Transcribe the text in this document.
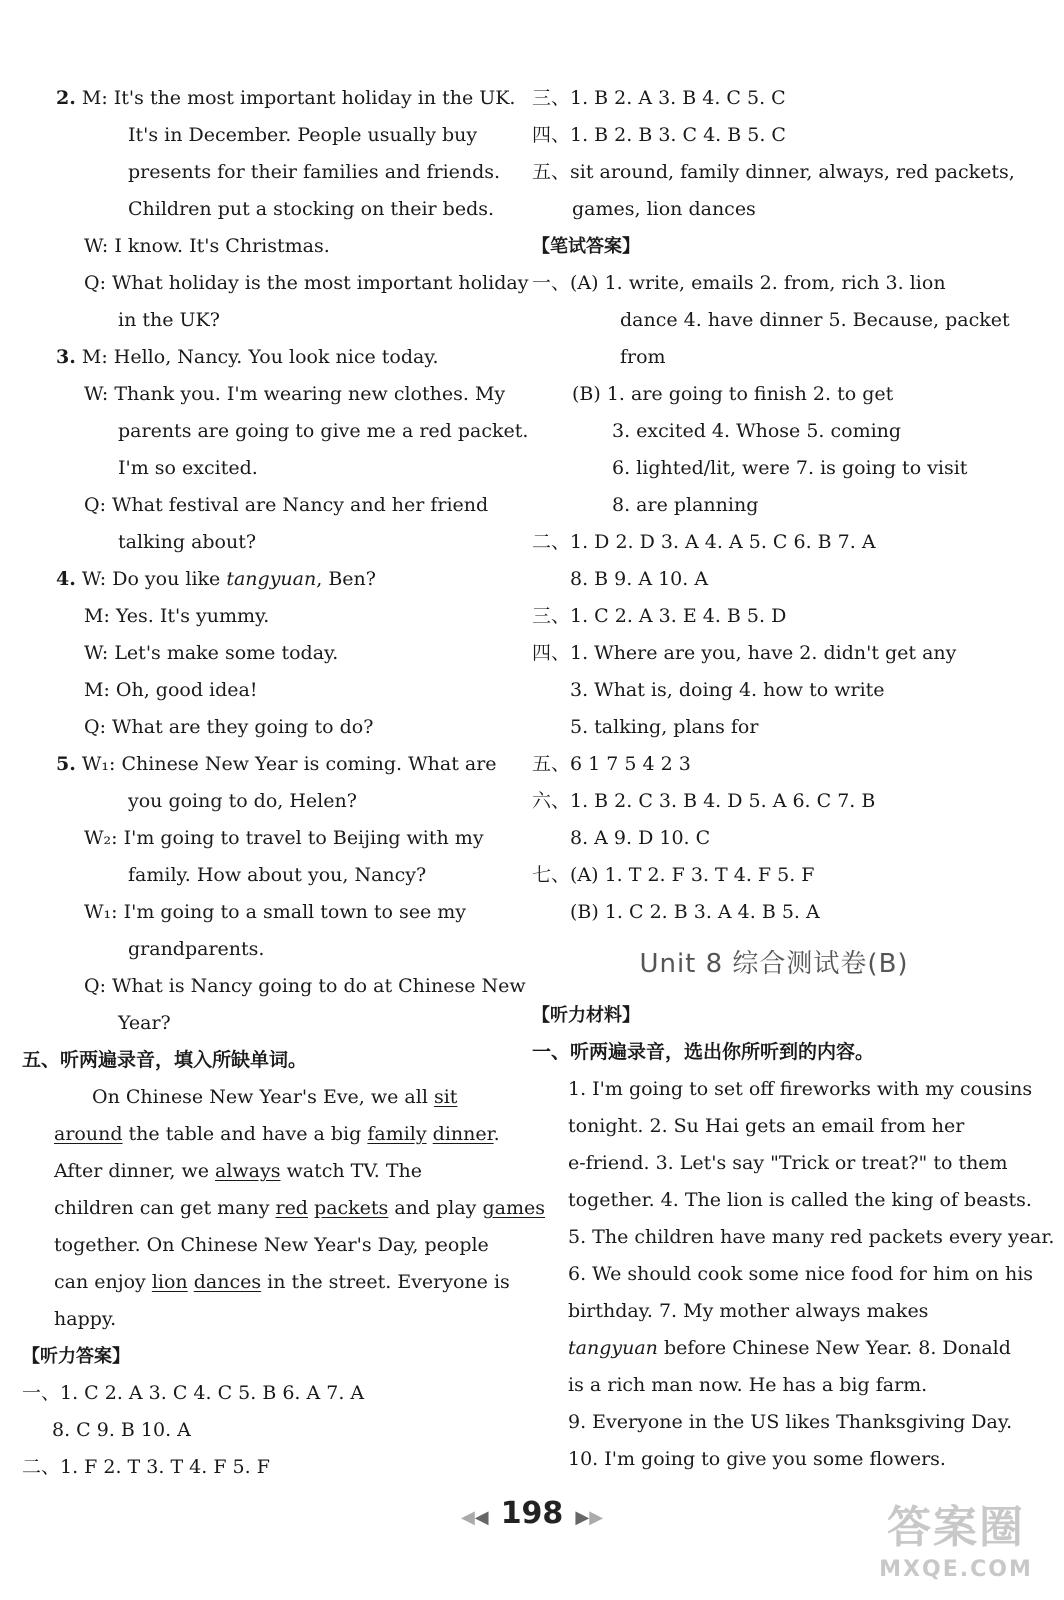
2. M: It's the most important holiday in the UK.
It's in December. People usually buy
presents for their families and friends.
Children put a stocking on their beds.
W: I know. It's Christmas.
Q: What holiday is the most important holiday
in the UK?
3. M: Hello, Nancy. You look nice today.
W: Thank you. I'm wearing new clothes. My
parents are going to give me a red packet.
I'm so excited.
Q: What festival are Nancy and her friend
talking about?
4. W: Do you like tangyuan, Ben?
M: Yes. It's yummy.
W: Let's make some today.
M: Oh, good idea!
Q: What are they going to do?
5. W₁: Chinese New Year is coming. What are
you going to do, Helen?
W₂: I'm going to travel to Beijing with my
family. How about you, Nancy?
W₁: I'm going to a small town to see my
grandparents.
Q: What is Nancy going to do at Chinese New
Year?
五、听两遍录音，填入所缺单词。
On Chinese New Year's Eve, we all sit
around the table and have a big family dinner.
After dinner, we always watch TV. The
children can get many red packets and play games
together. On Chinese New Year's Day, people
can enjoy lion dances in the street. Everyone is
happy.
【听力答案】
一、1. C 2. A 3. C 4. C 5. B 6. A 7. A
8. C 9. B 10. A
二、1. F 2. T 3. T 4. F 5. F
三、1. B 2. A 3. B 4. C 5. C
四、1. B 2. B 3. C 4. B 5. C
五、sit around, family dinner, always, red packets,
games, lion dances
【笔试答案】
一、(A) 1. write, emails 2. from, rich 3. lion
dance 4. have dinner 5. Because, packet
from
(B) 1. are going to finish 2. to get
3. excited 4. Whose 5. coming
6. lighted/lit, were 7. is going to visit
8. are planning
二、1. D 2. D 3. A 4. A 5. C 6. B 7. A
8. B 9. A 10. A
三、1. C 2. A 3. E 4. B 5. D
四、1. Where are you, have 2. didn't get any
3. What is, doing 4. how to write
5. talking, plans for
五、6 1 7 5 4 2 3
六、1. B 2. C 3. B 4. D 5. A 6. C 7. B
8. A 9. D 10. C
七、(A) 1. T 2. F 3. T 4. F 5. F
(B) 1. C 2. B 3. A 4. B 5. A
Unit 8 综合测试卷(B)
【听力材料】
一、听两遍录音，选出你所听到的内容。
1. I'm going to set off fireworks with my cousins
tonight. 2. Su Hai gets an email from her
e-friend. 3. Let's say "Trick or treat?" to them
together. 4. The lion is called the king of beasts.
5. The children have many red packets every year.
6. We should cook some nice food for him on his
birthday. 7. My mother always makes
tangyuan before Chinese New Year. 8. Donald
is a rich man now. He has a big farm.
9. Everyone in the US likes Thanksgiving Day.
10. I'm going to give you some flowers.
◀◀ 198 ▶▶	答案圈
MXQE.COM
